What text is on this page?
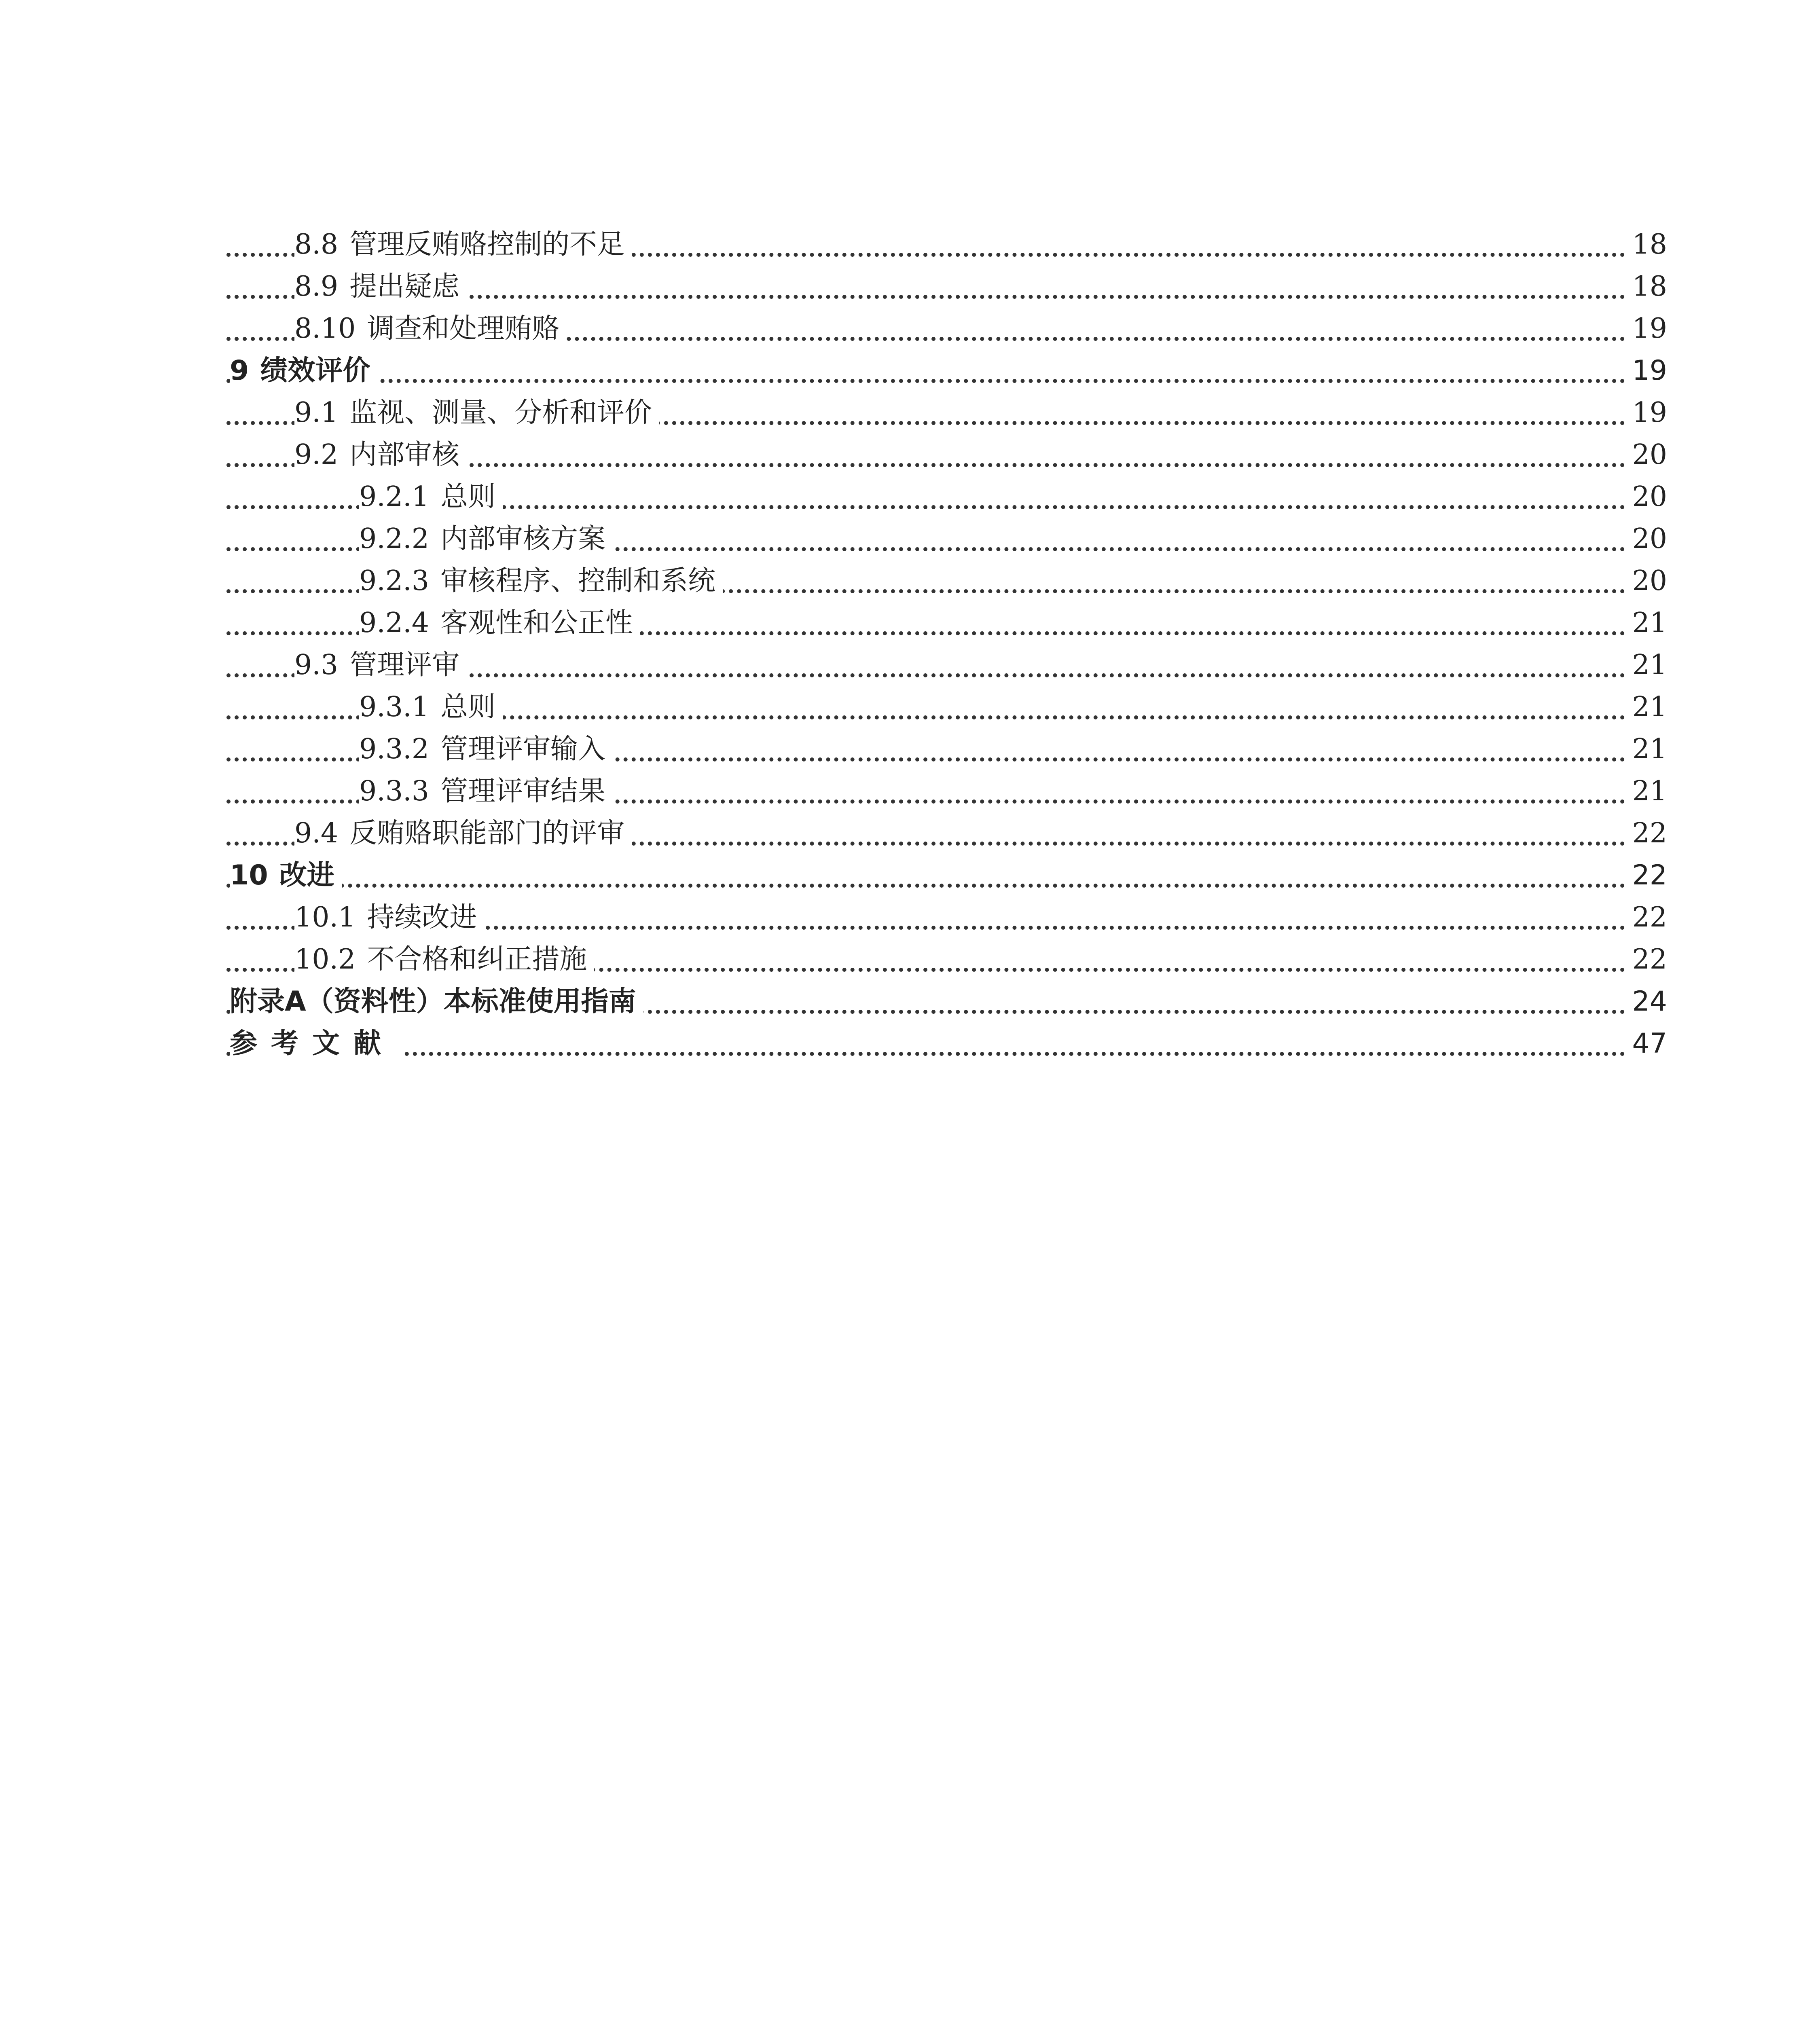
8.8 管理反贿赂控制的不足	18
8.9 提出疑虑	18
8.10 调查和处理贿赂	19
9 绩效评价	19
9.1 监视、测量、分析和评价	19
9.2 内部审核	20
9.2.1 总则	20
9.2.2 内部审核方案	20
9.2.3 审核程序、控制和系统	20
9.2.4 客观性和公正性	21
9.3 管理评审	21
9.3.1 总则	21
9.3.2 管理评审输入	21
9.3.3 管理评审结果	21
9.4 反贿赂职能部门的评审	22
10 改进	22
10.1 持续改进	22
10.2 不合格和纠正措施	22
附录A（资料性）本标准使用指南	24
参考文献	47
